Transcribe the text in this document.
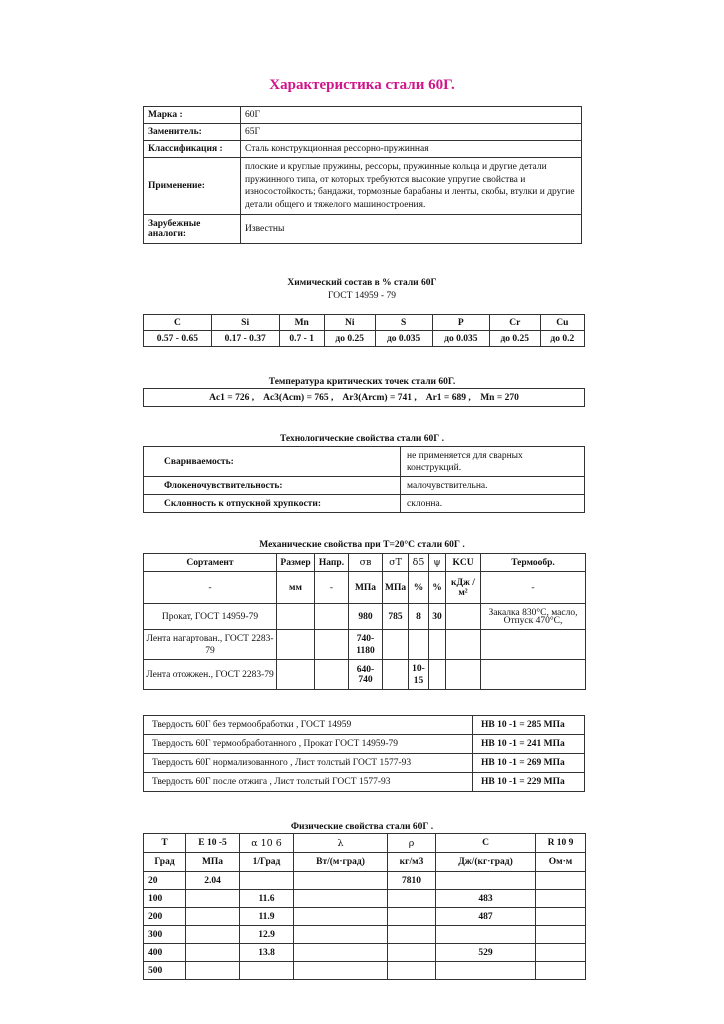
Характеристика стали 60Г.
Марка :	60Г
Заменитель:	65Г
Классификация :	Сталь конструкционная рессорно-пружинная
Применение:	плоские и круглые пружины, рессоры, пружинные кольца и другие детали пружинного типа, от которых требуются высокие упругие свойства и износостойкость; бандажи, тормозные барабаны и ленты, скобы, втулки и другие детали общего и тяжелого машиностроения.
Зарубежные аналоги:	Известны
Химический состав в % стали 60Г
ГОСТ 14959 - 79
C	Si	Mn	Ni	S	P	Cr	Cu
0.57 - 0.65	0.17 - 0.37	0.7 - 1	до 0.25	до 0.035	до 0.035	до 0.25	до 0.2
Температура критических точек стали 60Г.
Ac1 = 726 , Ac3(Acm) = 765 , Ar3(Arcm) = 741 , Ar1 = 689 , Mn = 270
Технологические свойства стали 60Г .
Свариваемость:	не применяется для сварных конструкций.
Флокеночувствительность:	малочувствительна.
Склонность к отпускной хрупкости:	склонна.
Механические свойства при Т=20°С стали 60Г .
Сортамент	Размер	Напр.	σв	σT	δ5	ψ	KCU	Термообр.
-	мм	-	МПа	МПа	%	%	кДж / м²	-
Прокат, ГОСТ 14959-79			980	785	8	30		Закалка 830°C, масло, Отпуск 470°C,
Лента нагартован., ГОСТ 2283-79			740-1180					
Лента отожжен., ГОСТ 2283-79			640-740		10-15			
Твердость 60Г без термообработки , ГОСТ 14959	HB 10 -1 = 285 МПа
Твердость 60Г термообработанного , Прокат ГОСТ 14959-79	HB 10 -1 = 241 МПа
Твердость 60Г нормализованного , Лист толстый ГОСТ 1577-93	HB 10 -1 = 269 МПа
Твердость 60Г после отжига , Лист толстый ГОСТ 1577-93	HB 10 -1 = 229 МПа
Физические свойства стали 60Г .
T	E 10 -5	α 10 6	λ	ρ	C	R 10 9
Град	МПа	1/Град	Вт/(м·град)	кг/м3	Дж/(кг·град)	Ом·м
20	2.04			7810		
100		11.6			483	
200		11.9			487	
300		12.9				
400		13.8			529	
500						
